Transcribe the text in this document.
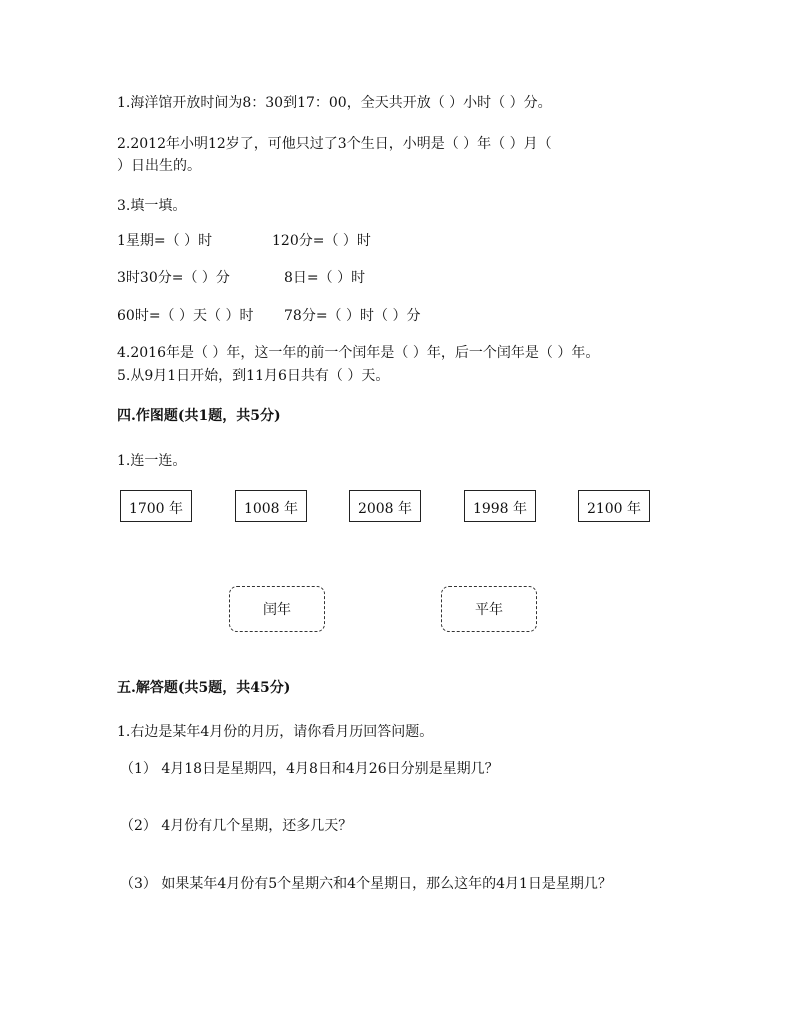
1.海洋馆开放时间为8：30到17：00，全天共开放（ ）小时（ ）分。
2.2012年小明12岁了，可他只过了3个生日，小明是（ ）年（ ）月（
）日出生的。
3.填一填。
1星期=（ ）时	120分=（ ）时
3时30分=（ ）分	8日=（ ）时
60时=（ ）天（ ）时 78分=（ ）时（ ）分
4.2016年是（ ）年，这一年的前一个闰年是（ ）年，后一个闰年是（ ）年。
5.从9月1日开始，到11月6日共有（ ）天。
四.作图题(共1题，共5分)
1.连一连。
1700 年	1008 年	2008 年	1998 年	2100 年
闰年	平年
五.解答题(共5题，共45分)
1.右边是某年4月份的月历，请你看月历回答问题。
（1） 4月18日是星期四，4月8日和4月26日分别是星期几？
（2） 4月份有几个星期，还多几天？
（3） 如果某年4月份有5个星期六和4个星期日，那么这年的4月1日是星期几？
